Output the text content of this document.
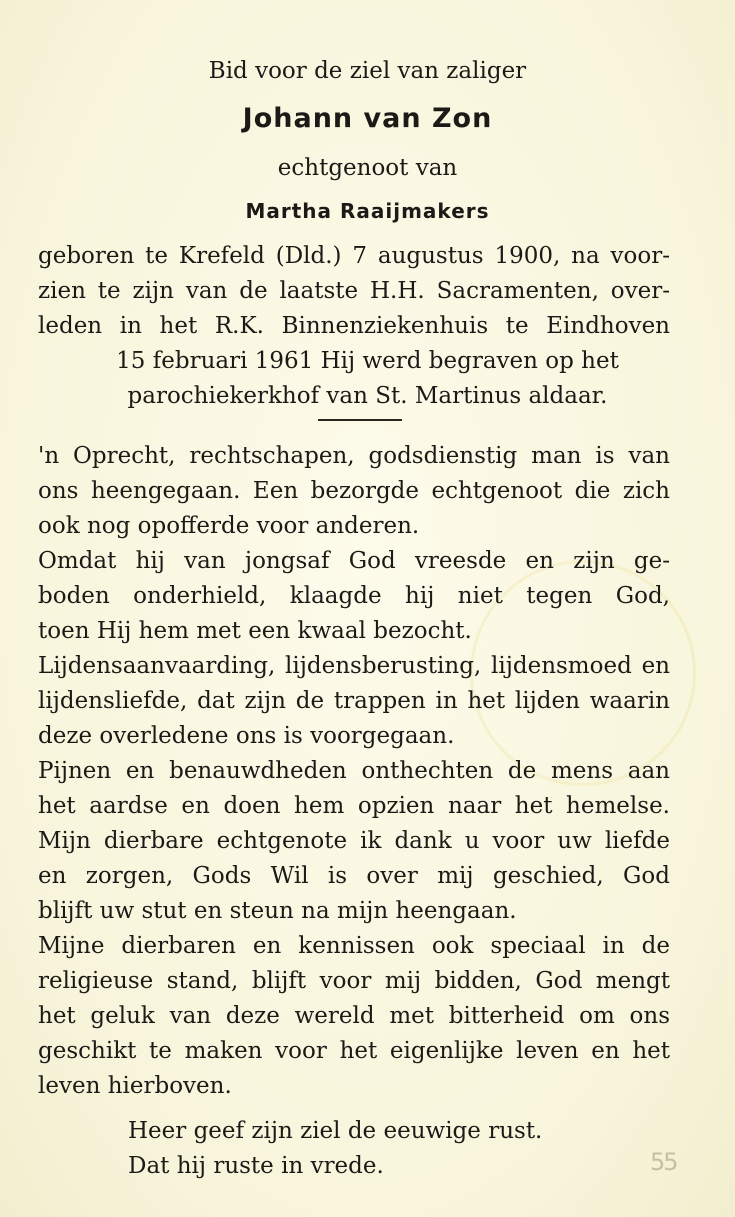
Bid voor de ziel van zaliger
Johann van Zon
echtgenoot van
Martha Raaijmakers
geboren te Krefeld (Dld.) 7 augustus 1900, na voor-
zien te zijn van de laatste H.H. Sacramenten, over-
leden in het R.K. Binnenziekenhuis te Eindhoven
15 februari 1961 Hij werd begraven op het
parochiekerkhof van St. Martinus aldaar.
'n Oprecht, rechtschapen, godsdienstig man is van
ons heengegaan. Een bezorgde echtgenoot die zich
ook nog opofferde voor anderen.
Omdat hij van jongsaf God vreesde en zijn ge-
boden onderhield, klaagde hij niet tegen God,
toen Hij hem met een kwaal bezocht.
Lijdensaanvaarding, lijdensberusting, lijdensmoed en
lijdensliefde, dat zijn de trappen in het lijden waarin
deze overledene ons is voorgegaan.
Pijnen en benauwdheden onthechten de mens aan
het aardse en doen hem opzien naar het hemelse.
Mijn dierbare echtgenote ik dank u voor uw liefde
en zorgen, Gods Wil is over mij geschied, God
blijft uw stut en steun na mijn heengaan.
Mijne dierbaren en kennissen ook speciaal in de
religieuse stand, blijft voor mij bidden, God mengt
het geluk van deze wereld met bitterheid om ons
geschikt te maken voor het eigenlijke leven en het
leven hierboven.
Heer geef zijn ziel de eeuwige rust.
Dat hij ruste in vrede.	55
